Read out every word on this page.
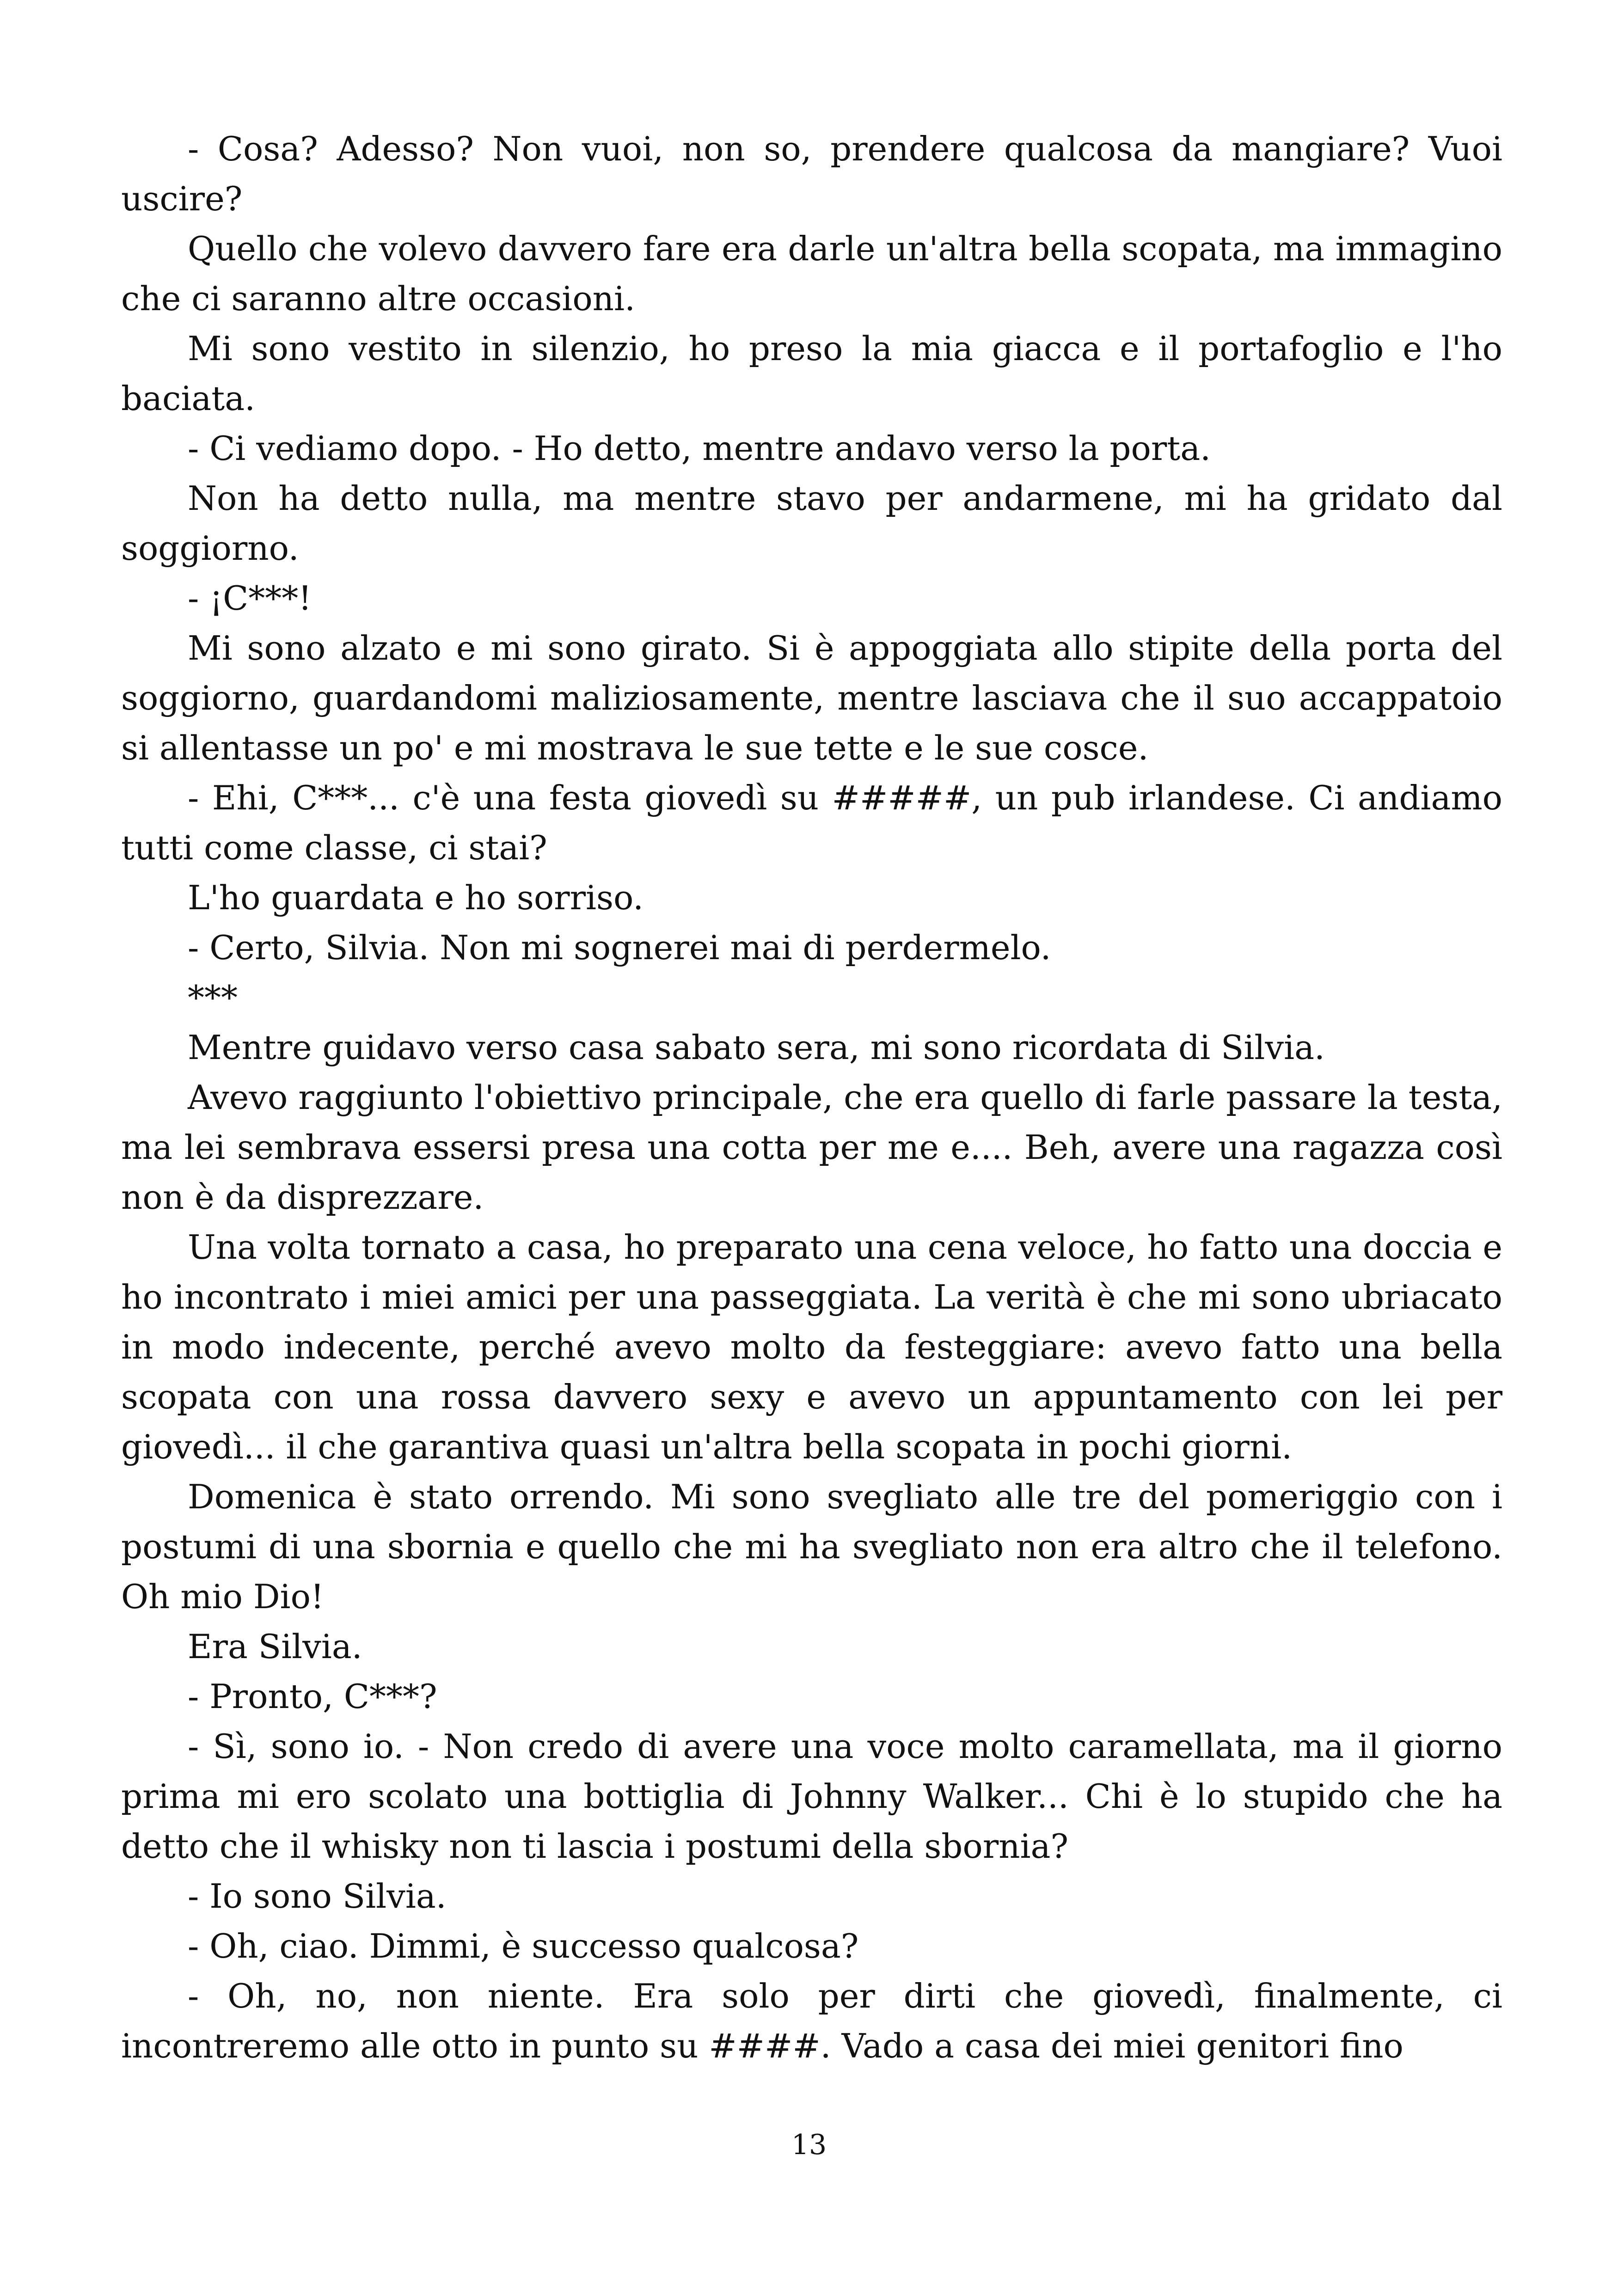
- Cosa? Adesso? Non vuoi, non so, prendere qualcosa da mangiare? Vuoi uscire?

Quello che volevo davvero fare era darle un'altra bella scopata, ma immagino che ci saranno altre occasioni.

Mi sono vestito in silenzio, ho preso la mia giacca e il portafoglio e l'ho baciata.

- Ci vediamo dopo. - Ho detto, mentre andavo verso la porta.

Non ha detto nulla, ma mentre stavo per andarmene, mi ha gridato dal soggiorno.

- ¡C***!

Mi sono alzato e mi sono girato. Si è appoggiata allo stipite della porta del soggiorno, guardandomi maliziosamente, mentre lasciava che il suo accappatoio si allentasse un po' e mi mostrava le sue tette e le sue cosce.

- Ehi, C***... c'è una festa giovedì su #####, un pub irlandese. Ci andiamo tutti come classe, ci stai?

L'ho guardata e ho sorriso.

- Certo, Silvia. Non mi sognerei mai di perdermelo.

***

Mentre guidavo verso casa sabato sera, mi sono ricordata di Silvia.

Avevo raggiunto l'obiettivo principale, che era quello di farle passare la testa, ma lei sembrava essersi presa una cotta per me e.... Beh, avere una ragazza così non è da disprezzare.

Una volta tornato a casa, ho preparato una cena veloce, ho fatto una doccia e ho incontrato i miei amici per una passeggiata. La verità è che mi sono ubriacato in modo indecente, perché avevo molto da festeggiare: avevo fatto una bella scopata con una rossa davvero sexy e avevo un appuntamento con lei per giovedì... il che garantiva quasi un'altra bella scopata in pochi giorni.

Domenica è stato orrendo. Mi sono svegliato alle tre del pomeriggio con i postumi di una sbornia e quello che mi ha svegliato non era altro che il telefono. Oh mio Dio!

Era Silvia.

- Pronto, C***?

- Sì, sono io. - Non credo di avere una voce molto caramellata, ma il giorno prima mi ero scolato una bottiglia di Johnny Walker... Chi è lo stupido che ha detto che il whisky non ti lascia i postumi della sbornia?

- Io sono Silvia.

- Oh, ciao. Dimmi, è successo qualcosa?

- Oh, no, non niente. Era solo per dirti che giovedì, finalmente, ci incontreremo alle otto in punto su ####. Vado a casa dei miei genitori fino

13
